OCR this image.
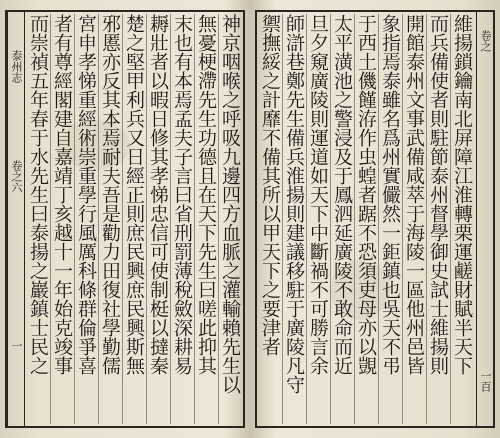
泰州志
卷之六
一	神京咽喉之呼吸九邊四方血脈之灌輸賴先生以
無憂梗滯先生功德且在天下先生曰嗟此抑其
末也有本焉孟夫子言曰省刑罰薄稅斂深耕易
耨壯者以暇日修其孝悌忠信可使制梃以撻秦
楚之堅甲利兵又日經正則庶民興庶民興斯無
邪慝亦反其本焉耐夫吾是勸力田復社學勤儒
宮申孝悌重經術崇重學行風厲科條群倫爭喜
者有尊經閣建自嘉靖丁亥越十一年始克竣事
而崇禎五年春于水先生曰泰揚之巖鎮士民之	卷之
一百
維揚鎖鑰南北屏障江淮轉栗運鹺財賦半天下
而兵備使者則駐節泰州督學御史試士維揚則
開館泰州文事武備咸萃于海陵一區他州邑皆
象指焉泰雖名爲州實儼然一鉅鎮也吳天不弔
于西土僟饉洊作虫蝗者踞不恐須吏母亦以覬
太平潢池之警浸及于鳳泗延廣陵不敢命而近
旦夕窺廣陵則運道如天下中斷禍不可勝言余
師滸巷鄭先生備兵淮揚則建議移駐于廣陵凡守
禦撫綏之計靡不備其所以甲天下之要津者
